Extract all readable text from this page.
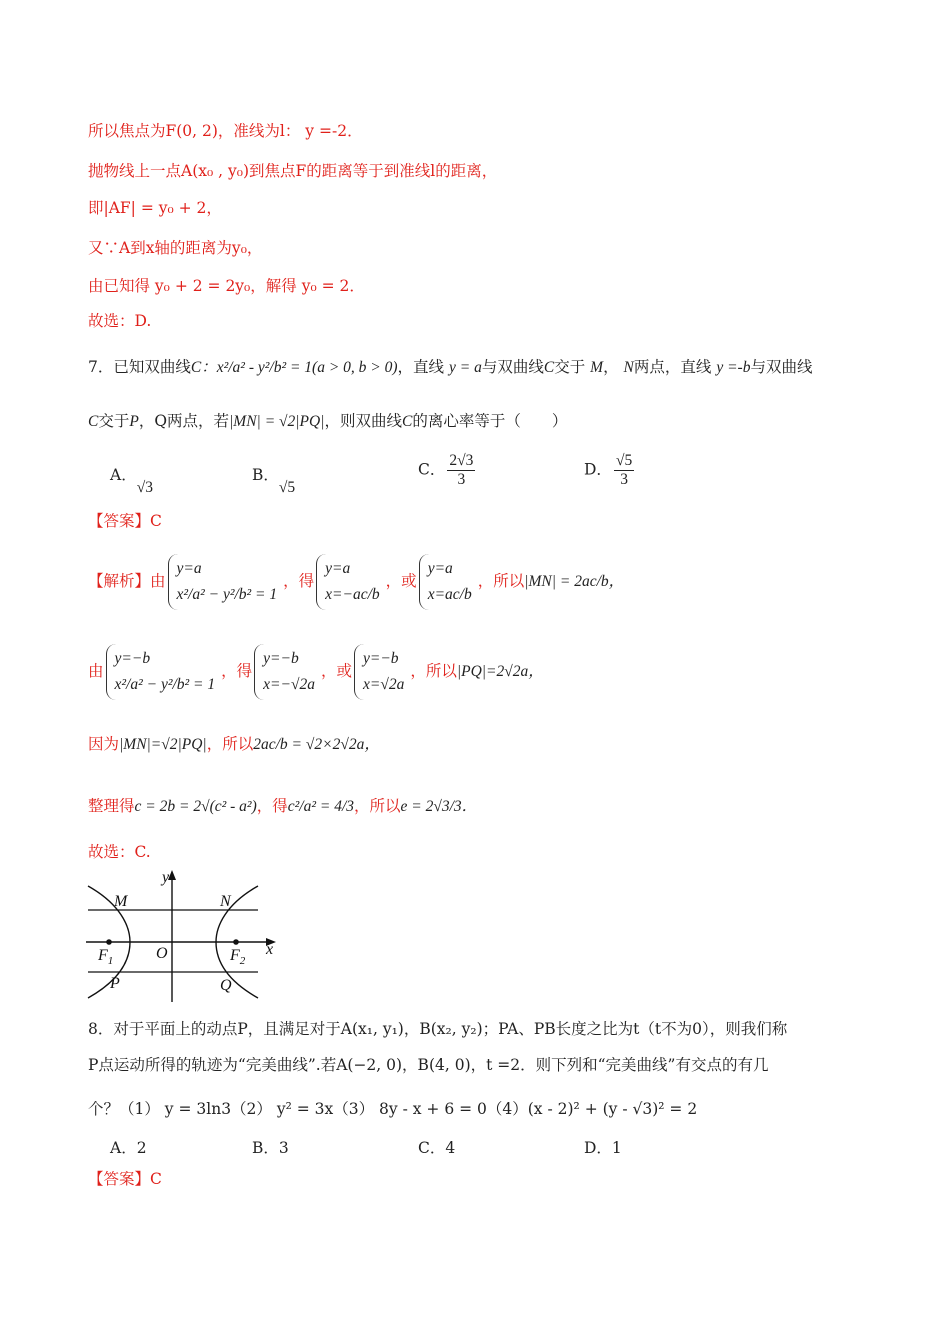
所以焦点为F(0, 2)，准线为l： y =-2．
抛物线上一点A(x₀ , y₀)到焦点F的距离等于到准线l的距离，
即|AF| = y₀ + 2，
又∵A到x轴的距离为y₀，
由已知得 y₀ + 2 = 2y₀，解得 y₀ = 2．
故选：D.
7．已知双曲线C：x²/a² - y²/b² = 1(a > 0, b > 0)，直线 y = a与双曲线C交于 M， N两点，直线 y =-b与双曲线
C交于P，Q两点，若|MN| = √2|PQ|，则双曲线C的离心率等于（　　）
A．√3
B．√5
C． $\frac{2√3}{3}$	D． $\frac{√5}{3}$
【答案】C
【解析】由
y=a
x²/a² − y²/b² = 1
，得
y=a
x=−ac/b
，或
y=a
x=ac/b
，所以|MN| = 2ac/b，
由
y=−b
x²/a² − y²/b² = 1
，得
y=−b
x=−√2a
，或
y=−b
x=√2a
，所以|PQ|=2√2a，
因为|MN|=√2|PQ|，所以2ac/b = √2×2√2a，
整理得c = 2b = 2√(c² - a²)，得c²/a² = 4/3，所以e = 2√3/3．
故选：C.
y
x
O
M	N
P	Q
$F_1$	$F_2$
8．对于平面上的动点P，且满足对于A(x₁, y₁)，B(x₂, y₂)；PA、PB长度之比为t（t不为0），则我们称
P点运动所得的轨迹为“完美曲线”.若A(−2, 0)，B(4, 0)，t =2．则下列和“完美曲线”有交点的有几
个？（1） y = 3ln3（2） y² = 3x（3） 8y - x + 6 = 0（4）(x - 2)² + (y - √3)² = 2
A．2	B．3	C．4	D．1
【答案】C
